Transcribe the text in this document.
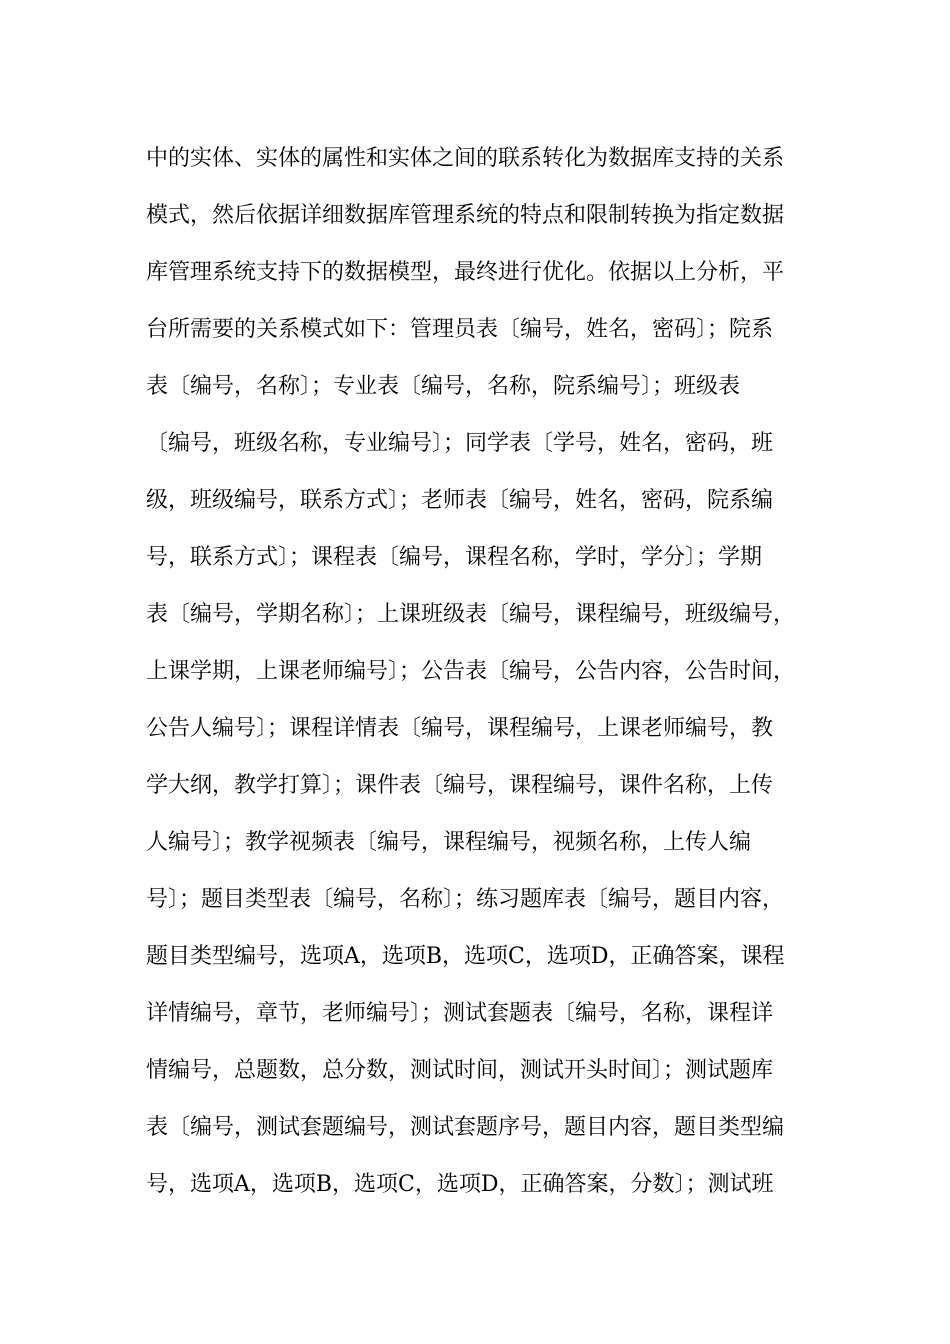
中的实体、实体的属性和实体之间的联系转化为数据库支持的关系
模式，然后依据详细数据库管理系统的特点和限制转换为指定数据
库管理系统支持下的数据模型，最终进行优化。依据以上分析，平
台所需要的关系模式如下：管理员表〔编号，姓名，密码〕；院系
表〔编号，名称〕；专业表〔编号，名称，院系编号〕；班级表
〔编号，班级名称，专业编号〕；同学表〔学号，姓名，密码，班
级，班级编号，联系方式〕；老师表〔编号，姓名，密码，院系编
号，联系方式〕；课程表〔编号，课程名称，学时，学分〕；学期
表〔编号，学期名称〕；上课班级表〔编号，课程编号，班级编号，
上课学期，上课老师编号〕；公告表〔编号，公告内容，公告时间，
公告人编号〕；课程详情表〔编号，课程编号，上课老师编号，教
学大纲，教学打算〕；课件表〔编号，课程编号，课件名称，上传
人编号〕；教学视频表〔编号，课程编号，视频名称，上传人编
号〕；题目类型表〔编号，名称〕；练习题库表〔编号，题目内容，
题目类型编号，选项A，选项B，选项C，选项D，正确答案，课程
详情编号，章节，老师编号〕；测试套题表〔编号，名称，课程详
情编号，总题数，总分数，测试时间，测试开头时间〕；测试题库
表〔编号，测试套题编号，测试套题序号，题目内容，题目类型编
号，选项A，选项B，选项C，选项D，正确答案，分数〕；测试班
